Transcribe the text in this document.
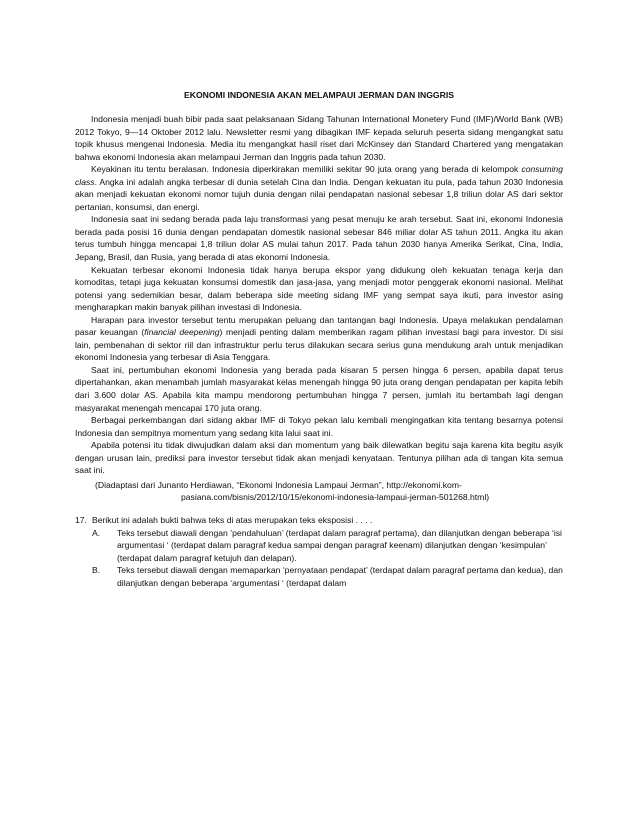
EKONOMI INDONESIA AKAN MELAMPAUI JERMAN DAN INGGRIS

Indonesia menjadi buah bibir pada saat pelaksanaan Sidang Tahunan International Monetery Fund (IMF)/World Bank (WB) 2012 Tokyo, 9—14 Oktober 2012 lalu. Newsletter resmi yang dibagikan IMF kepada seluruh peserta sidang mengangkat satu topik khusus mengenai Indonesia. Media itu mengangkat hasil riset dari McKinsey dan Standard Chartered yang mengatakan bahwa ekonomi Indonesia akan melampaui Jerman dan Inggris pada tahun 2030.

Keyakinan itu tentu beralasan. Indonesia diperkirakan memiliki sekitar 90 juta orang yang berada di kelompok consuming class. Angka ini adalah angka terbesar di dunia setelah Cina dan India. Dengan kekuatan itu pula, pada tahun 2030 Indonesia akan menjadi kekuatan ekonomi nomor tujuh dunia dengan nilai pendapatan nasional sebesar 1,8 triliun dolar AS dari sektor pertanian, konsumsi, dan energi.

Indonesia saat ini sedang berada pada laju transformasi yang pesat menuju ke arah tersebut. Saat ini, ekonomi Indonesia berada pada posisi 16 dunia dengan pendapatan domestik nasional sebesar 846 miliar dolar AS tahun 2011. Angka itu akan terus tumbuh hingga mencapai 1,8 triliun dolar AS mulai tahun 2017. Pada tahun 2030 hanya Amerika Serikat, Cina, India, Jepang, Brasil, dan Rusia, yang berada di atas ekonomi Indonesia.

Kekuatan terbesar ekonomi Indonesia tidak hanya berupa ekspor yang didukung oleh kekuatan tenaga kerja dan komoditas, tetapi juga kekuatan konsumsi domestik dan jasa-jasa, yang menjadi motor penggerak ekonomi nasional. Melihat potensi yang sedemikian besar, dalam beberapa side meeting sidang IMF yang sempat saya ikuti, para investor asing mengharapkan makin banyak pilihan investasi di Indonesia.

Harapan para investor tersebut tentu merupakan peluang dan tantangan bagi Indonesia. Upaya melakukan pendalaman pasar keuangan (financial deepening) menjadi penting dalam memberikan ragam pilihan investasi bagi para investor. Di sisi lain, pembenahan di sektor riil dan infrastruktur perlu terus dilakukan secara serius guna mendukung arah untuk menjadikan ekonomi Indonesia yang terbesar di Asia Tenggara.

Saat ini, pertumbuhan ekonomi Indonesia yang berada pada kisaran 5 persen hingga 6 persen, apabila dapat terus dipertahankan, akan menambah jumlah masyarakat kelas menengah hingga 90 juta orang dengan pendapatan per kapita lebih dari 3.600 dolar AS. Apabila kita mampu mendorong pertumbuhan hingga 7 persen, jumlah itu bertambah lagi dengan masyarakat menengah mencapai 170 juta orang.

Berbagai perkembangan dari sidang akbar IMF di Tokyo pekan lalu kembali mengingatkan kita tentang besarnya potensi Indonesia dan sempitnya momentum yang sedang kita lalui saat ini.

Apabila potensi itu tidak diwujudkan dalam aksi dan momentum yang baik dilewatkan begitu saja karena kita begitu asyik dengan urusan lain, prediksi para investor tersebut tidak akan menjadi kenyataan. Tentunya pilihan ada di tangan kita semua saat ini.

(Diadaptasi dari Junanto Herdiawan, “Ekonomi Indonesia Lampaui Jerman”, http://ekonomi.kom-
pasiana.com/bisnis/2012/10/15/ekonomi-indonesia-lampaui-jerman-501268.html)
17. Berikut ini adalah bukti bahwa teks di atas merupakan teks eksposisi . . . .
A.	Teks tersebut diawali dengan ’pendahuluan’ (terdapat dalam paragraf pertama), dan dilanjutkan dengan beberapa ‘isi argumentasi ‘ (terdapat dalam paragraf kedua sampai dengan paragraf keenam) dilanjutkan dengan ‘kesimpulan’ (terdapat dalam paragraf ketujuh dan delapan).
B.	Teks tersebut diawali dengan memaparkan ‘pernyataan pendapat’ (terdapat dalam paragraf pertama dan kedua), dan dilanjutkan dengan beberapa ‘argumentasi ‘ (terdapat dalam
